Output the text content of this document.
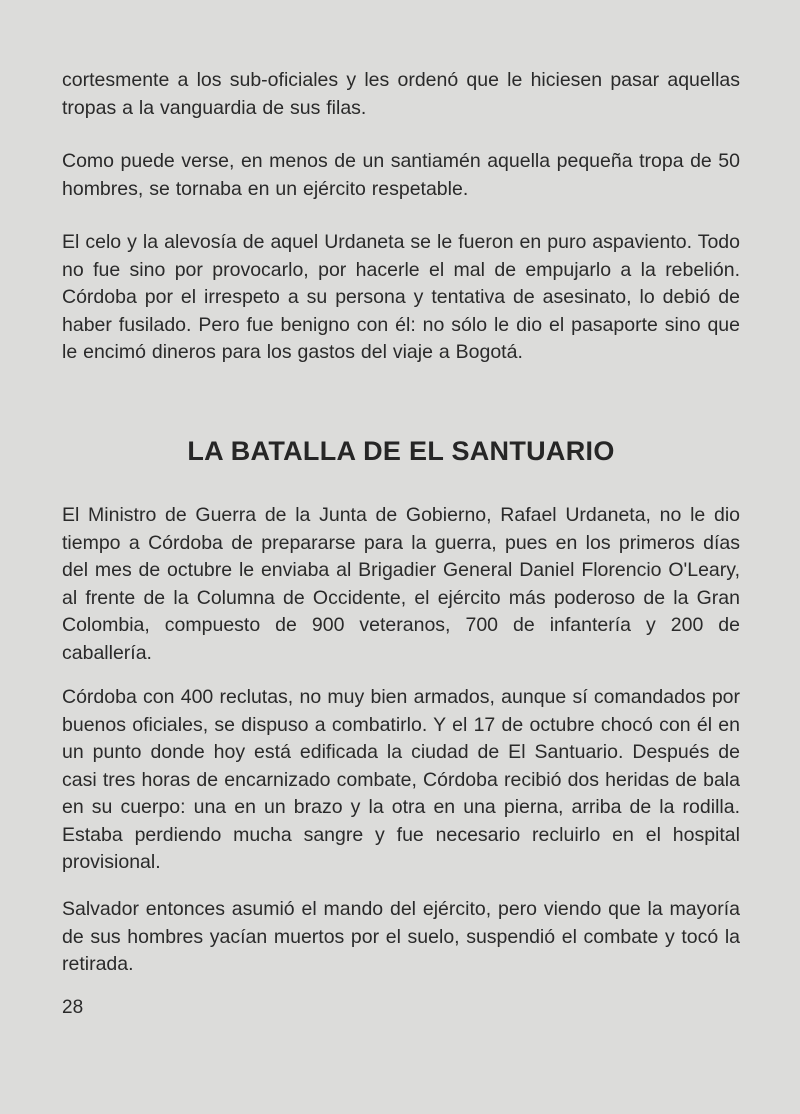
cortesmente a los sub-oficiales y les ordenó que le hiciesen pasar aquellas tropas a la vanguardia de sus filas.

Como puede verse, en menos de un santiamén aquella pequeña tropa de 50 hombres, se tornaba en un ejército respetable.

El celo y la alevosía de aquel Urdaneta se le fueron en puro aspaviento. Todo no fue sino por provocarlo, por hacerle el mal de empujarlo a la rebelión. Córdoba por el irrespeto a su persona y tentativa de asesinato, lo debió de haber fusilado. Pero fue benigno con él: no sólo le dio el pasaporte sino que le encimó dineros para los gastos del viaje a Bogotá.

LA BATALLA DE EL SANTUARIO

El Ministro de Guerra de la Junta de Gobierno, Rafael Urdaneta, no le dio tiempo a Córdoba de prepararse para la guerra, pues en los primeros días del mes de octubre le enviaba al Brigadier General Daniel Florencio O'Leary, al frente de la Columna de Occidente, el ejército más poderoso de la Gran Colombia, compuesto de 900 veteranos, 700 de infantería y 200 de caballería.

Córdoba con 400 reclutas, no muy bien armados, aunque sí comandados por buenos oficiales, se dispuso a combatirlo. Y el 17 de octubre chocó con él en un punto donde hoy está edificada la ciudad de El Santuario. Después de casi tres horas de encarnizado combate, Córdoba recibió dos heridas de bala en su cuerpo: una en un brazo y la otra en una pierna, arriba de la rodilla. Estaba perdiendo mucha sangre y fue necesario recluirlo en el hospital provisional.

Salvador entonces asumió el mando del ejército, pero viendo que la mayoría de sus hombres yacían muertos por el suelo, suspendió el combate y tocó la retirada.

28
